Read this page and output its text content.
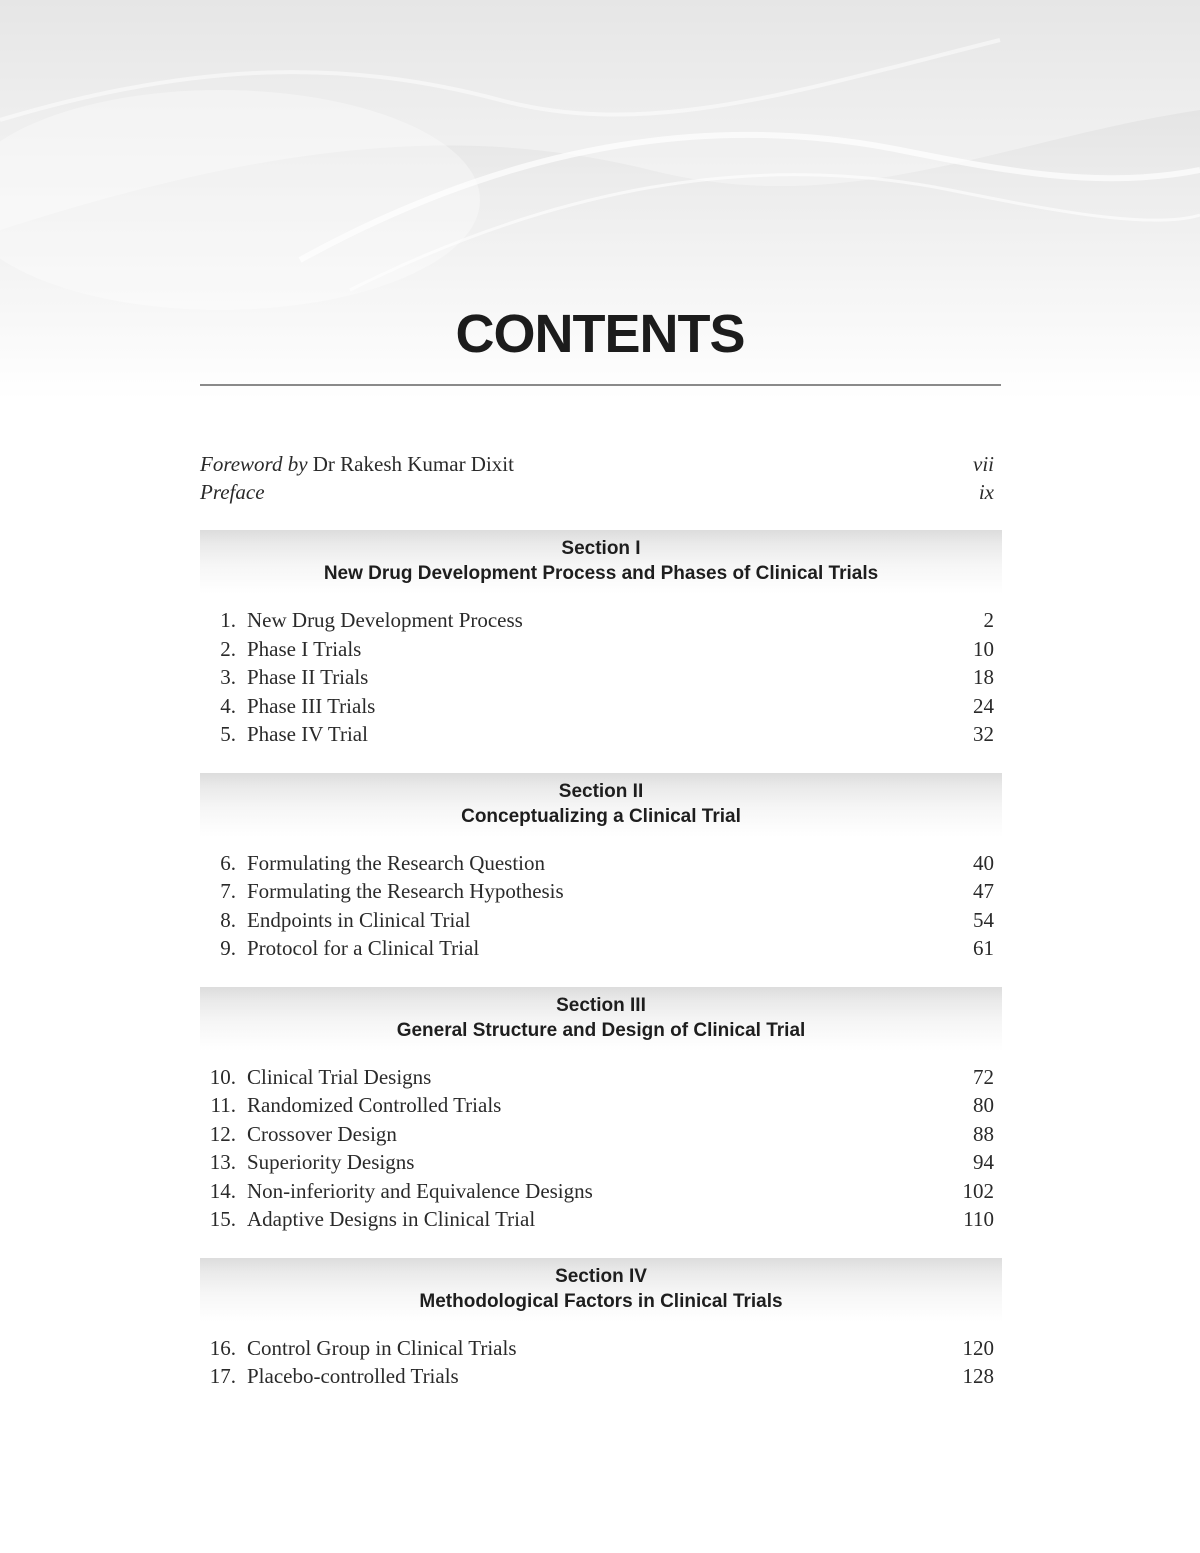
CONTENTS
Foreword by Dr Rakesh Kumar Dixit	vii
Preface	ix
Section I
New Drug Development Process and Phases of Clinical Trials
1. New Drug Development Process	2
2. Phase I Trials	10
3. Phase II Trials	18
4. Phase III Trials	24
5. Phase IV Trial	32
Section II
Conceptualizing a Clinical Trial
6. Formulating the Research Question	40
7. Formulating the Research Hypothesis	47
8. Endpoints in Clinical Trial	54
9. Protocol for a Clinical Trial	61
Section III
General Structure and Design of Clinical Trial
10. Clinical Trial Designs	72
11. Randomized Controlled Trials	80
12. Crossover Design	88
13. Superiority Designs	94
14. Non-inferiority and Equivalence Designs	102
15. Adaptive Designs in Clinical Trial	110
Section IV
Methodological Factors in Clinical Trials
16. Control Group in Clinical Trials	120
17. Placebo-controlled Trials	128
